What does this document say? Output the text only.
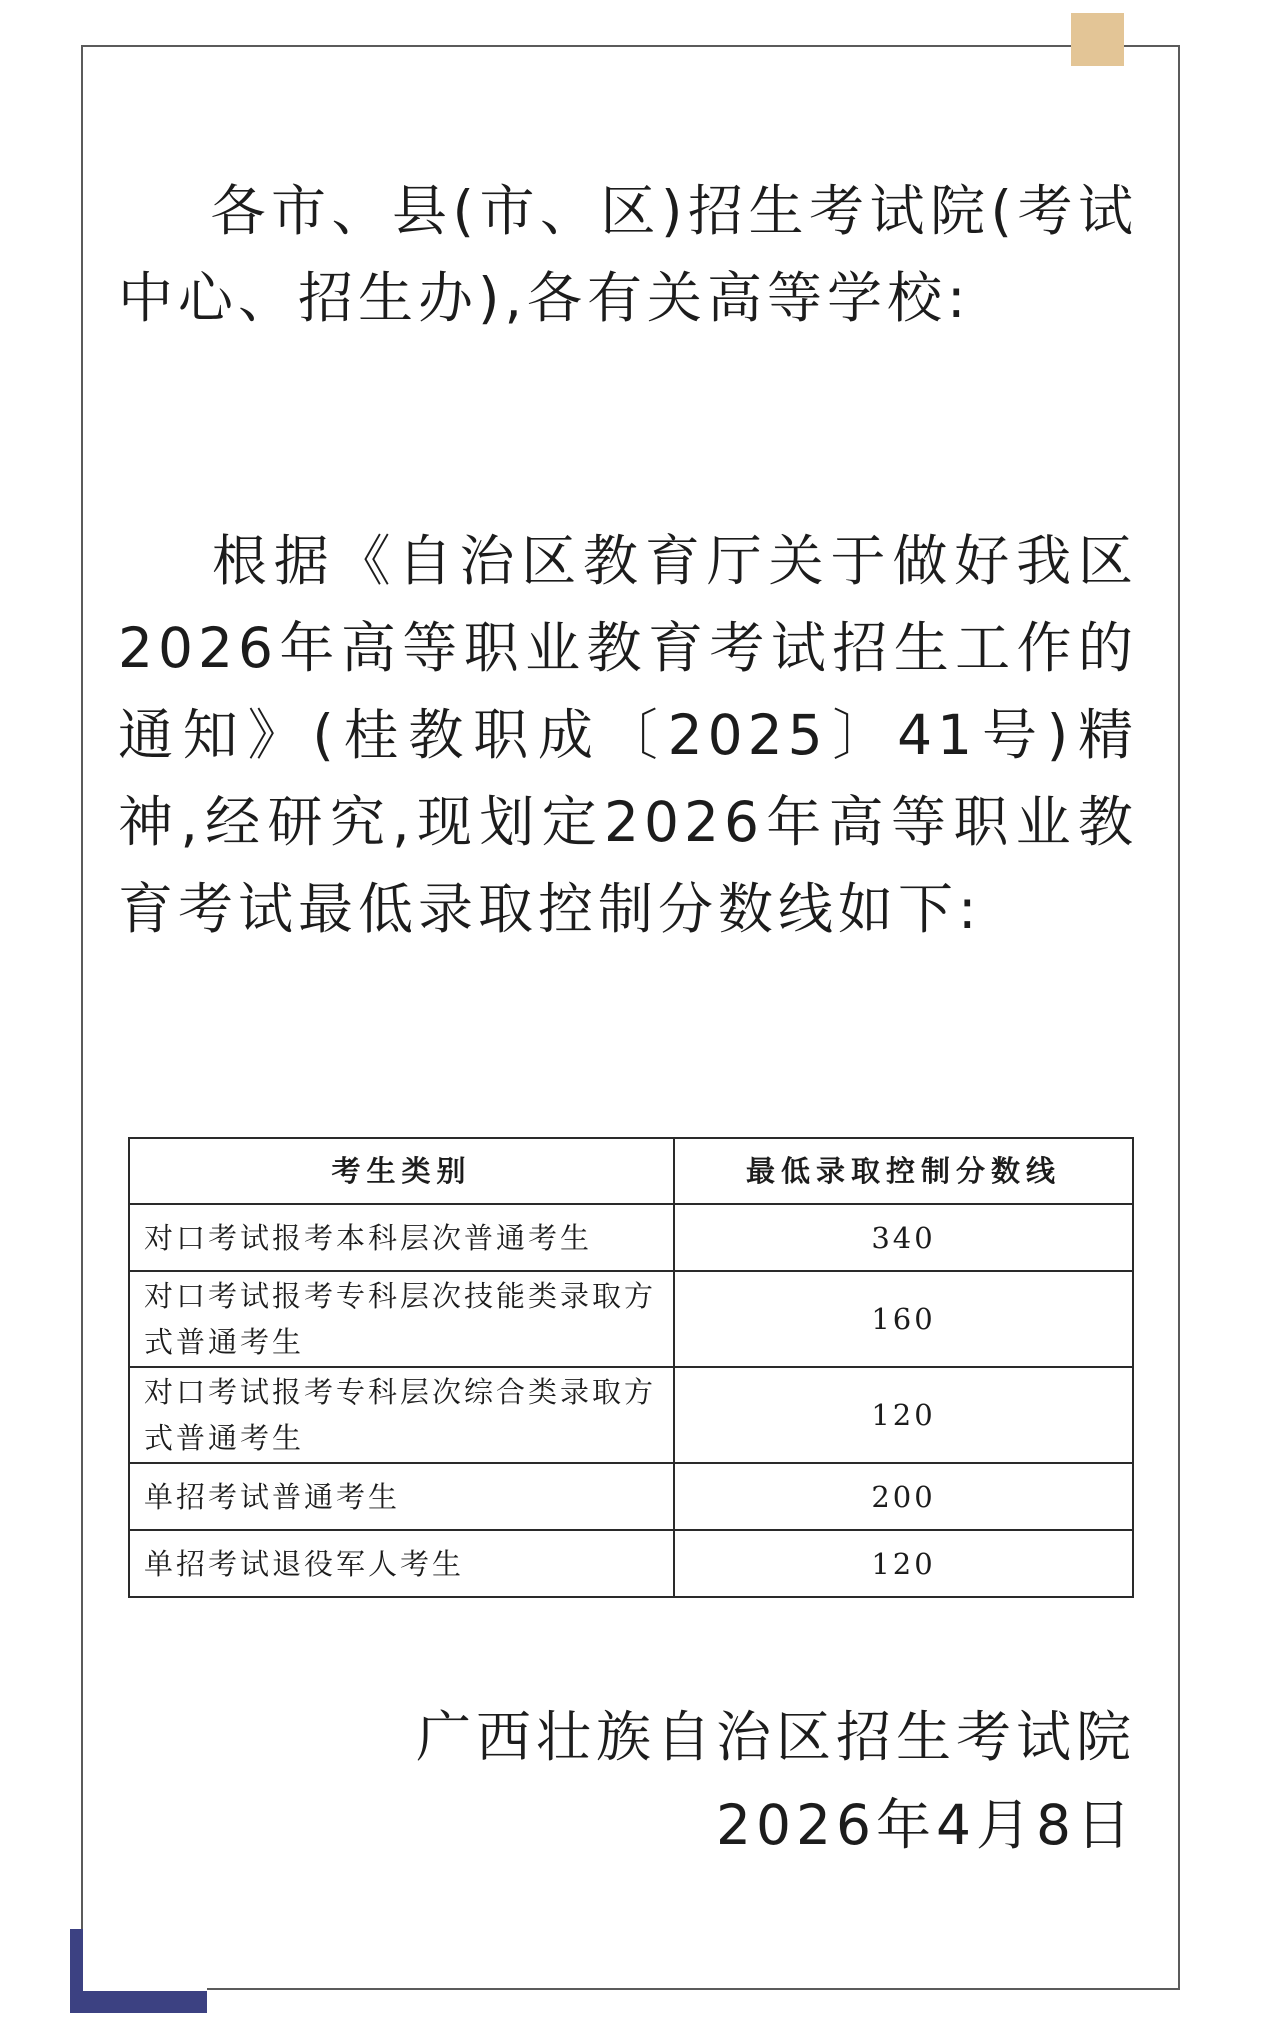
各市、县(市、区)招生考试院(考试中心、招生办),各有关高等学校:

根据《自治区教育厅关于做好我区2026年高等职业教育考试招生工作的通知》(桂教职成〔2025〕41号)精神,经研究,现划定2026年高等职业教育考试最低录取控制分数线如下:

考生类别	最低录取控制分数线
对口考试报考本科层次普通考生	340
对口考试报考专科层次技能类录取方式普通考生	160
对口考试报考专科层次综合类录取方式普通考生	120
单招考试普通考生	200
单招考试退役军人考生	120
广西壮族自治区招生考试院
2026年4月8日
